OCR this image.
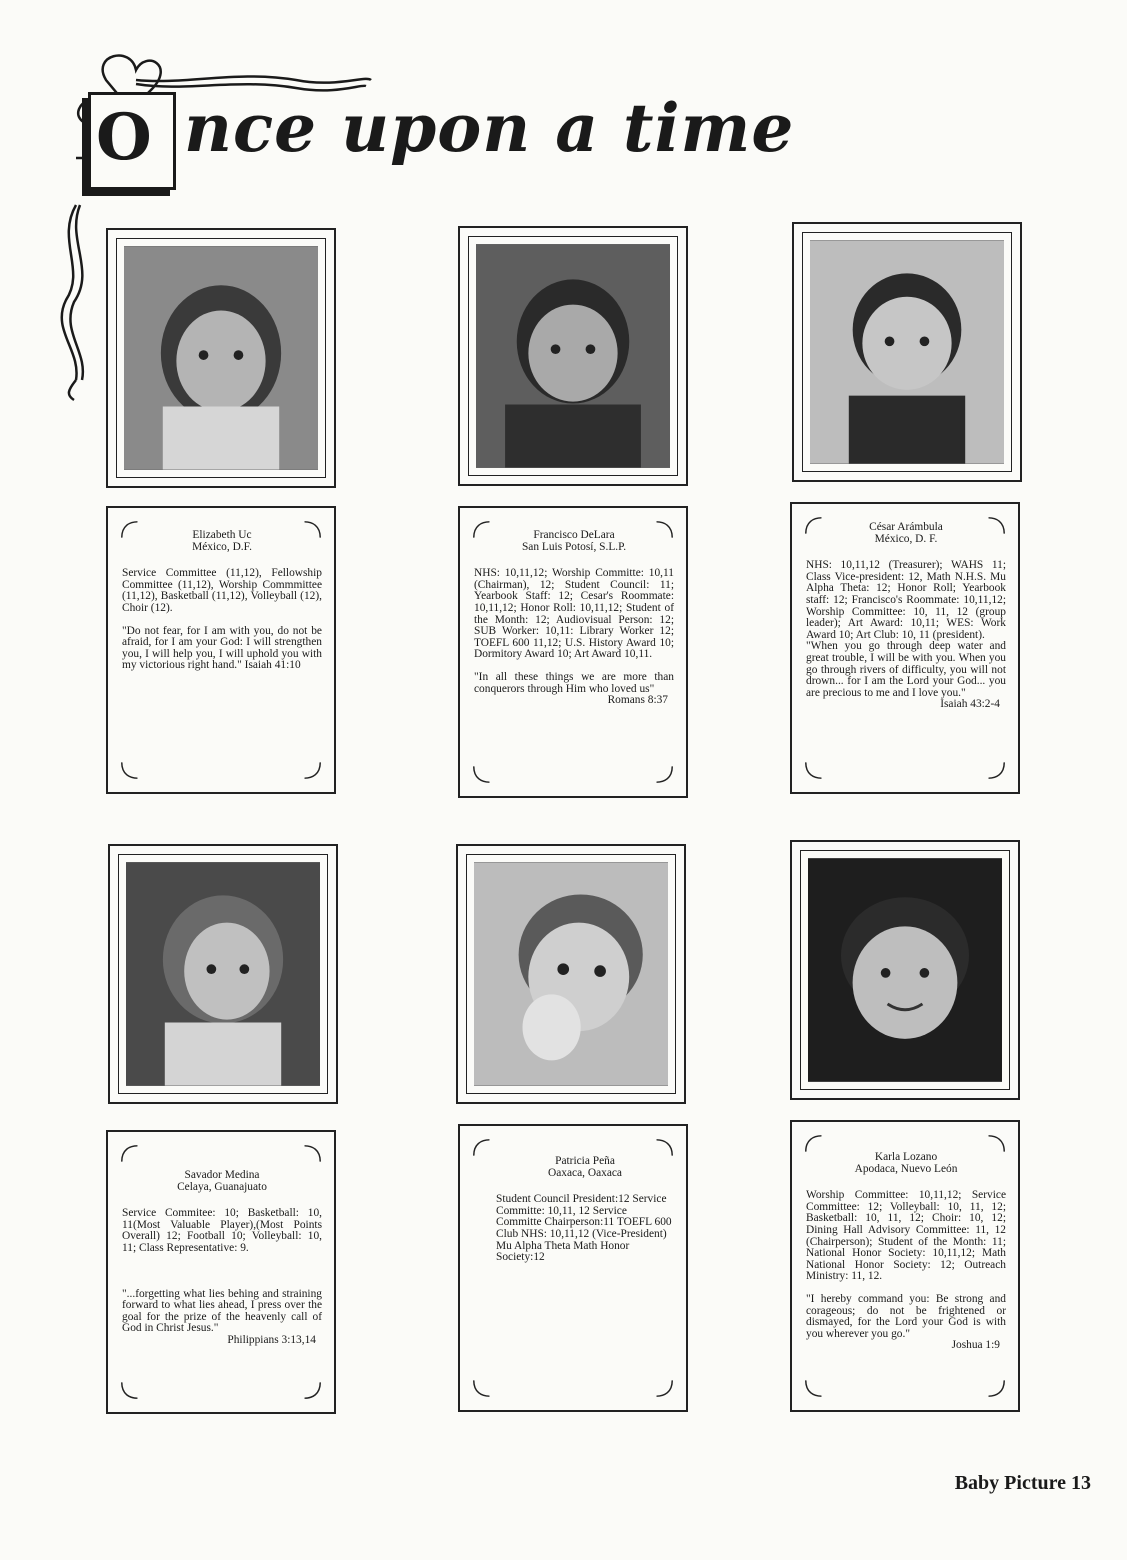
O nce upon a time
Elizabeth Uc
México, D.F.
Service Committee (11,12), Fellowship Committee (11,12), Worship Commmittee (11,12), Basketball (11,12), Volleyball (12), Choir (12).
"Do not fear, for I am with you, do not be afraid, for I am your God: I will strengthen you, I will help you, I will uphold you with my victorious right hand." Isaiah 41:10
Francisco DeLara
San Luis Potosí, S.L.P.
NHS: 10,11,12; Worship Committe: 10,11 (Chairman), 12; Student Council: 11; Yearbook Staff: 12; Cesar's Roommate: 10,11,12; Honor Roll: 10,11,12; Student of the Month: 12; Audiovisual Person: 12; SUB Worker: 10,11: Library Worker 12; TOEFL 600 11,12; U.S. History Award 10; Dormitory Award 10; Art Award 10,11.
"In all these things we are more than conquerors through Him who loved us"
Romans 8:37
César Arámbula
México, D. F.
NHS: 10,11,12 (Treasurer); WAHS 11; Class Vice-president: 12, Math N.H.S. Mu Alpha Theta: 12; Honor Roll; Yearbook staff: 12; Francisco's Roommate: 10,11,12; Worship Committee: 10, 11, 12 (group leader); Art Award: 10,11; WES: Work Award 10; Art Club: 10, 11 (president).
"When you go through deep water and great trouble, I will be with you. When you go through rivers of difficulty, you will not drown... for I am the Lord your God... you are precious to me and I love you."
Isaiah 43:2-4
Savador Medina
Celaya, Guanajuato
Service Commitee: 10; Basketball: 10, 11(Most Valuable Player),(Most Points Overall) 12; Football 10; Volleyball: 10, 11; Class Representative: 9.
"...forgetting what lies behing and straining forward to what lies ahead, I press over the goal for the prize of the heavenly call of God in Christ Jesus."
Philippians 3:13,14
Patricia Peña
Oaxaca, Oaxaca
Student Council President:12 Service Committe: 10,11, 12 Service Committe Chairperson:11 TOEFL 600 Club NHS: 10,11,12 (Vice-President) Mu Alpha Theta Math Honor Society:12
Karla Lozano
Apodaca, Nuevo León
Worship Committee: 10,11,12; Service Committee: 12; Volleyball: 10, 11, 12; Basketball: 10, 11, 12; Choir: 10, 12; Dining Hall Advisory Committee: 11, 12 (Chairperson); Student of the Month: 11; National Honor Society: 10,11,12; Math National Honor Society: 12; Outreach Ministry: 11, 12.
"I hereby command you: Be strong and corageous; do not be frightened or dismayed, for the Lord your God is with you wherever you go."
Joshua 1:9
Baby Picture 13
